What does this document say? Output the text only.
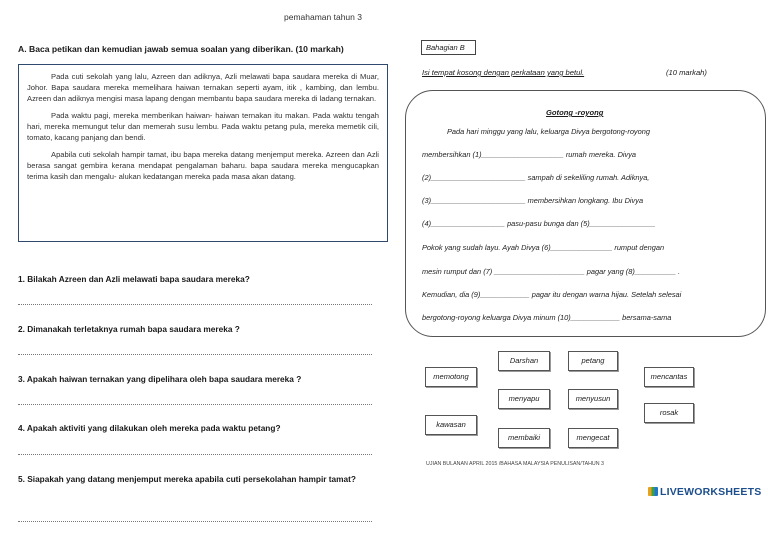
pemahaman tahun 3
A. Baca petikan dan kemudian jawab semua soalan yang diberikan. (10 markah)

Pada cuti sekolah yang lalu, Azreen dan adiknya, Azli melawati bapa saudara mereka di Muar, Johor. Bapa saudara mereka memelihara haiwan ternakan seperti ayam, itik , kambing, dan lembu. Azreen dan adiknya mengisi masa lapang dengan membantu bapa saudara mereka di ladang ternakan.

Pada waktu pagi, mereka memberikan haiwan- haiwan ternakan itu makan. Pada waktu tengah hari, mereka memungut telur dan memerah susu lembu. Pada waktu petang pula, mereka memetik cili, tomato, kacang panjang dan bendi.

Apabila cuti sekolah hampir tamat, ibu bapa mereka datang menjemput mereka. Azreen dan Azli berasa sangat gembira kerana mendapat pengalaman baharu. bapa saudara mereka mengucapkan terima kasih dan mengalu- alukan kedatangan mereka pada masa akan datang.

1. Bilakah Azreen dan Azli melawati bapa saudara mereka?
2. Dimanakah terletaknya rumah bapa saudara mereka ?
3. Apakah haiwan ternakan yang dipelihara oleh bapa saudara mereka ?
4. Apakah aktiviti yang dilakukan oleh mereka pada waktu petang?
5. Siapakah yang datang menjemput mereka apabila cuti persekolahan hampir tamat?
Bahagian B
Isi tempat kosong dengan perkataan yang betul.	(10 markah)
Gotong -royong
Pada hari minggu yang lalu, keluarga Divya bergotong-royong
membersihkan (1)____________________ rumah mereka. Divya
(2)_______________________ sampah di sekeliling rumah. Adiknya,
(3)_______________________ membersihkan longkang. Ibu Divya
(4)__________________ pasu-pasu bunga dan (5)________________
Pokok yang sudah layu. Ayah Divya (6)_______________ rumput dengan
mesin rumput dan (7) ______________________ pagar yang (8)__________ .
Kemudian, dia (9)____________ pagar itu dengan warna hijau. Setelah selesai
bergotong-royong keluarga Divya minum (10)____________ bersama-sama
memotong
Darshan	petang
mencantas
menyapu	menyusun
rosak
kawasan
membaiki	mengecat
UJIAN BULANAN APRIL 2015 /BAHASA MALAYSIA PENULISAN/TAHUN 3
LIVEWORKSHEETS
